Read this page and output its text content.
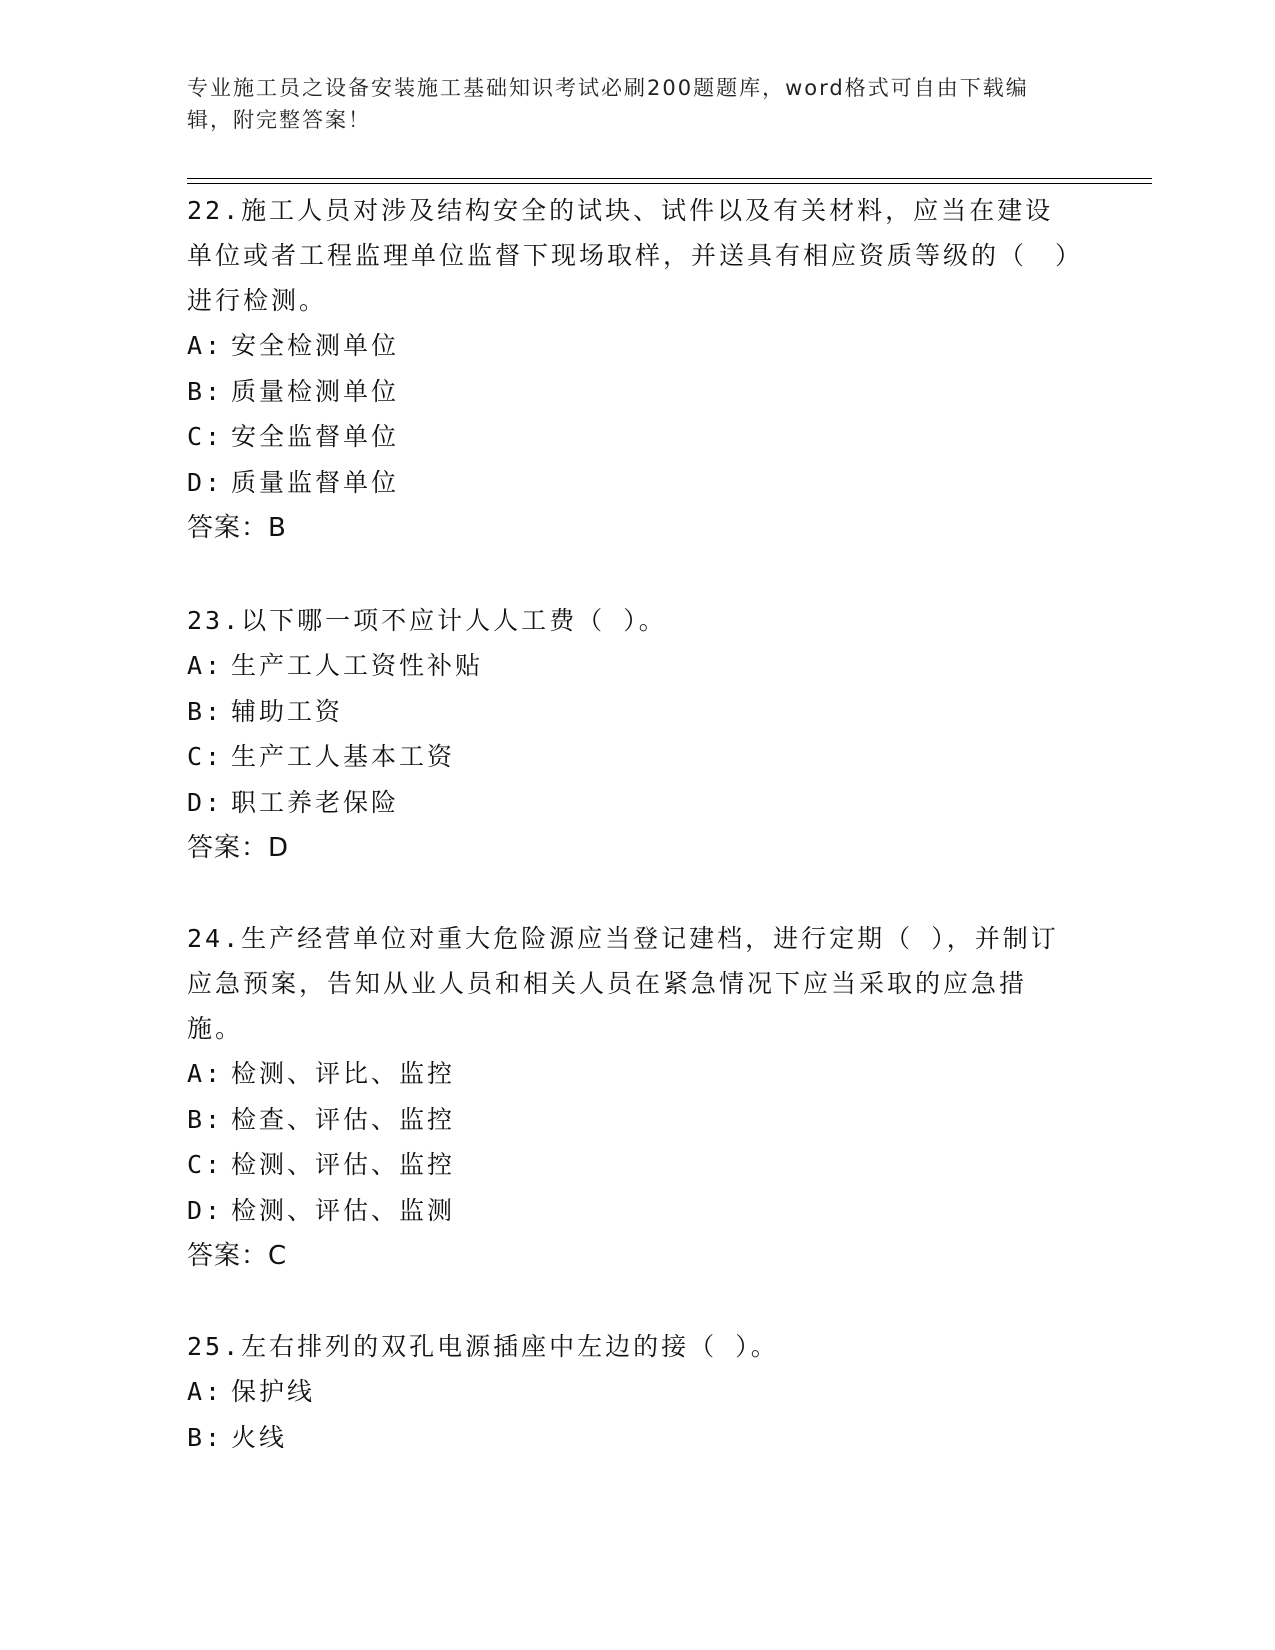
专业施工员之设备安装施工基础知识考试必刷200题题库，word格式可自由下载编辑，附完整答案！

22.施工人员对涉及结构安全的试块、试件以及有关材料，应当在建设单位或者工程监理单位监督下现场取样，并送具有相应资质等级的（　）进行检测。

A: 安全检测单位

B: 质量检测单位

C: 安全监督单位

D: 质量监督单位

答案：B

23.以下哪一项不应计人人工费（ ）。

A: 生产工人工资性补贴

B: 辅助工资

C: 生产工人基本工资

D: 职工养老保险

答案：D

24.生产经营单位对重大危险源应当登记建档，进行定期（ ），并制订应急预案，告知从业人员和相关人员在紧急情况下应当采取的应急措施。

A: 检测、评比、监控

B: 检查、评估、监控

C: 检测、评估、监控

D: 检测、评估、监测

答案：C

25.左右排列的双孔电源插座中左边的接（ ）。

A: 保护线

B: 火线
